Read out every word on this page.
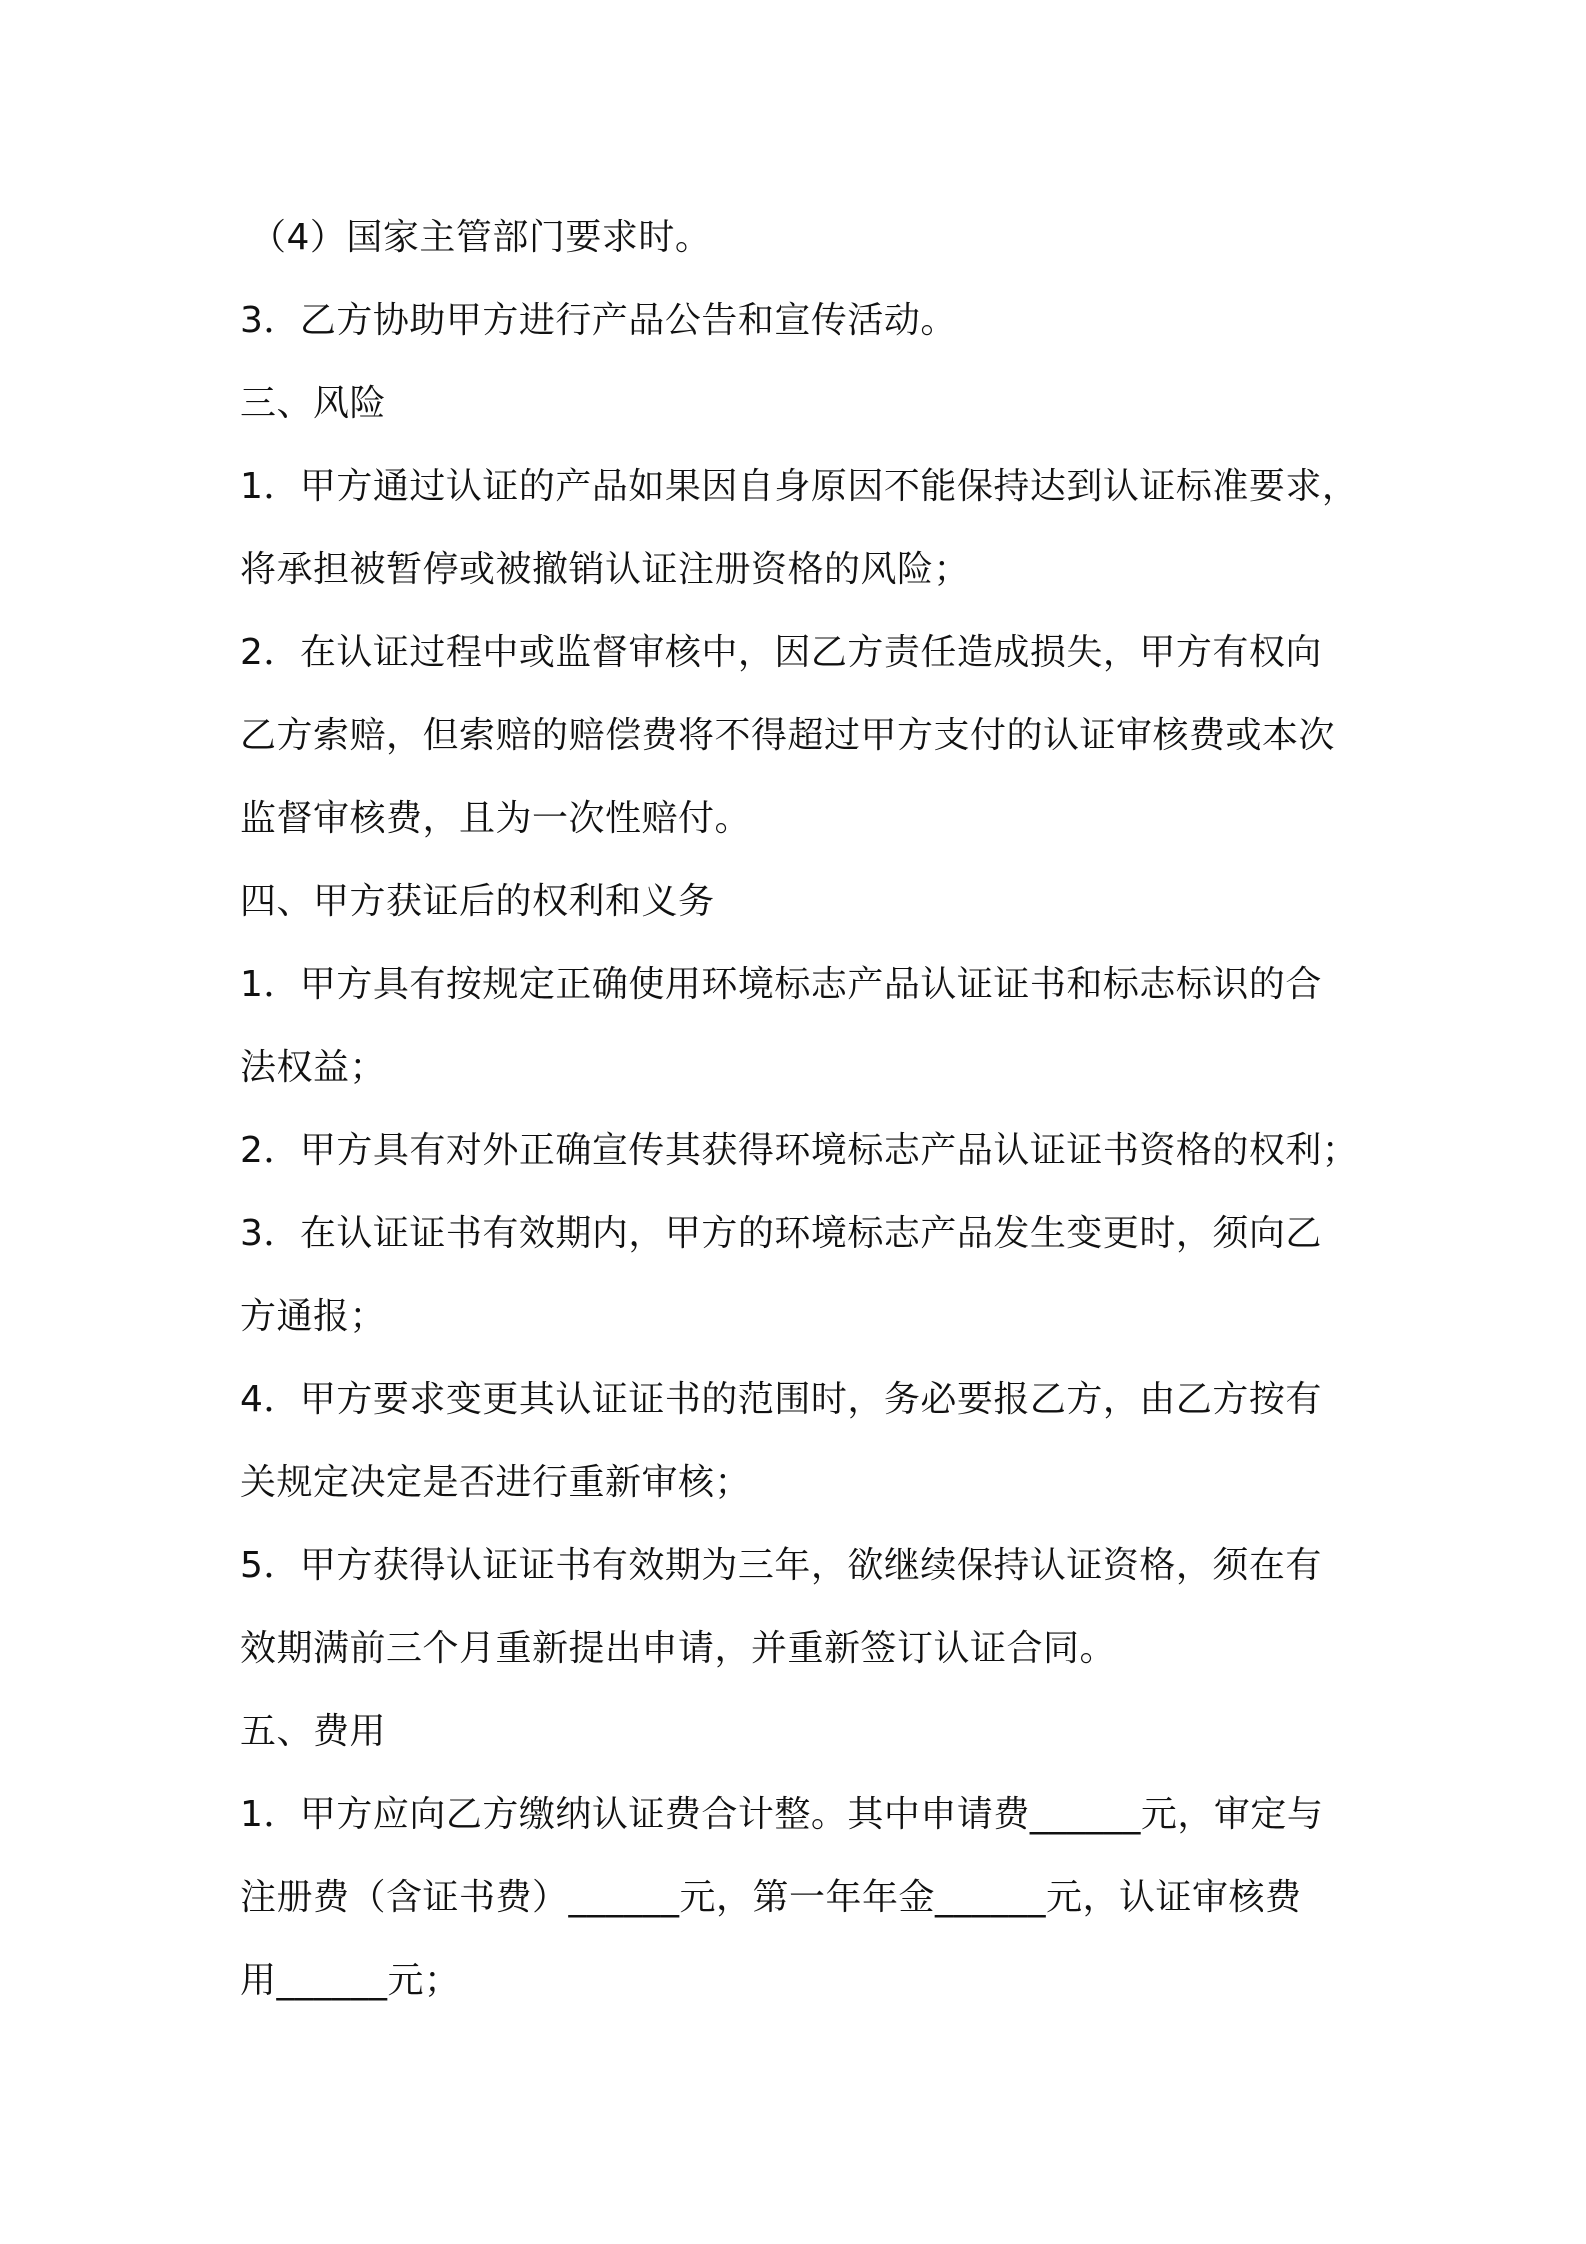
（4）国家主管部门要求时。
3．乙方协助甲方进行产品公告和宣传活动。
三、风险
1．甲方通过认证的产品如果因自身原因不能保持达到认证标准要求，
将承担被暂停或被撤销认证注册资格的风险；
2．在认证过程中或监督审核中，因乙方责任造成损失，甲方有权向
乙方索赔，但索赔的赔偿费将不得超过甲方支付的认证审核费或本次
监督审核费，且为一次性赔付。
四、甲方获证后的权利和义务
1．甲方具有按规定正确使用环境标志产品认证证书和标志标识的合
法权益；
2．甲方具有对外正确宣传其获得环境标志产品认证证书资格的权利；
3．在认证证书有效期内，甲方的环境标志产品发生变更时，须向乙
方通报；
4．甲方要求变更其认证证书的范围时，务必要报乙方，由乙方按有
关规定决定是否进行重新审核；
5．甲方获得认证证书有效期为三年，欲继续保持认证资格，须在有
效期满前三个月重新提出申请，并重新签订认证合同。
五、费用
1．甲方应向乙方缴纳认证费合计整。其中申请费______元，审定与
注册费（含证书费）______元，第一年年金______元，认证审核费
用______元；
